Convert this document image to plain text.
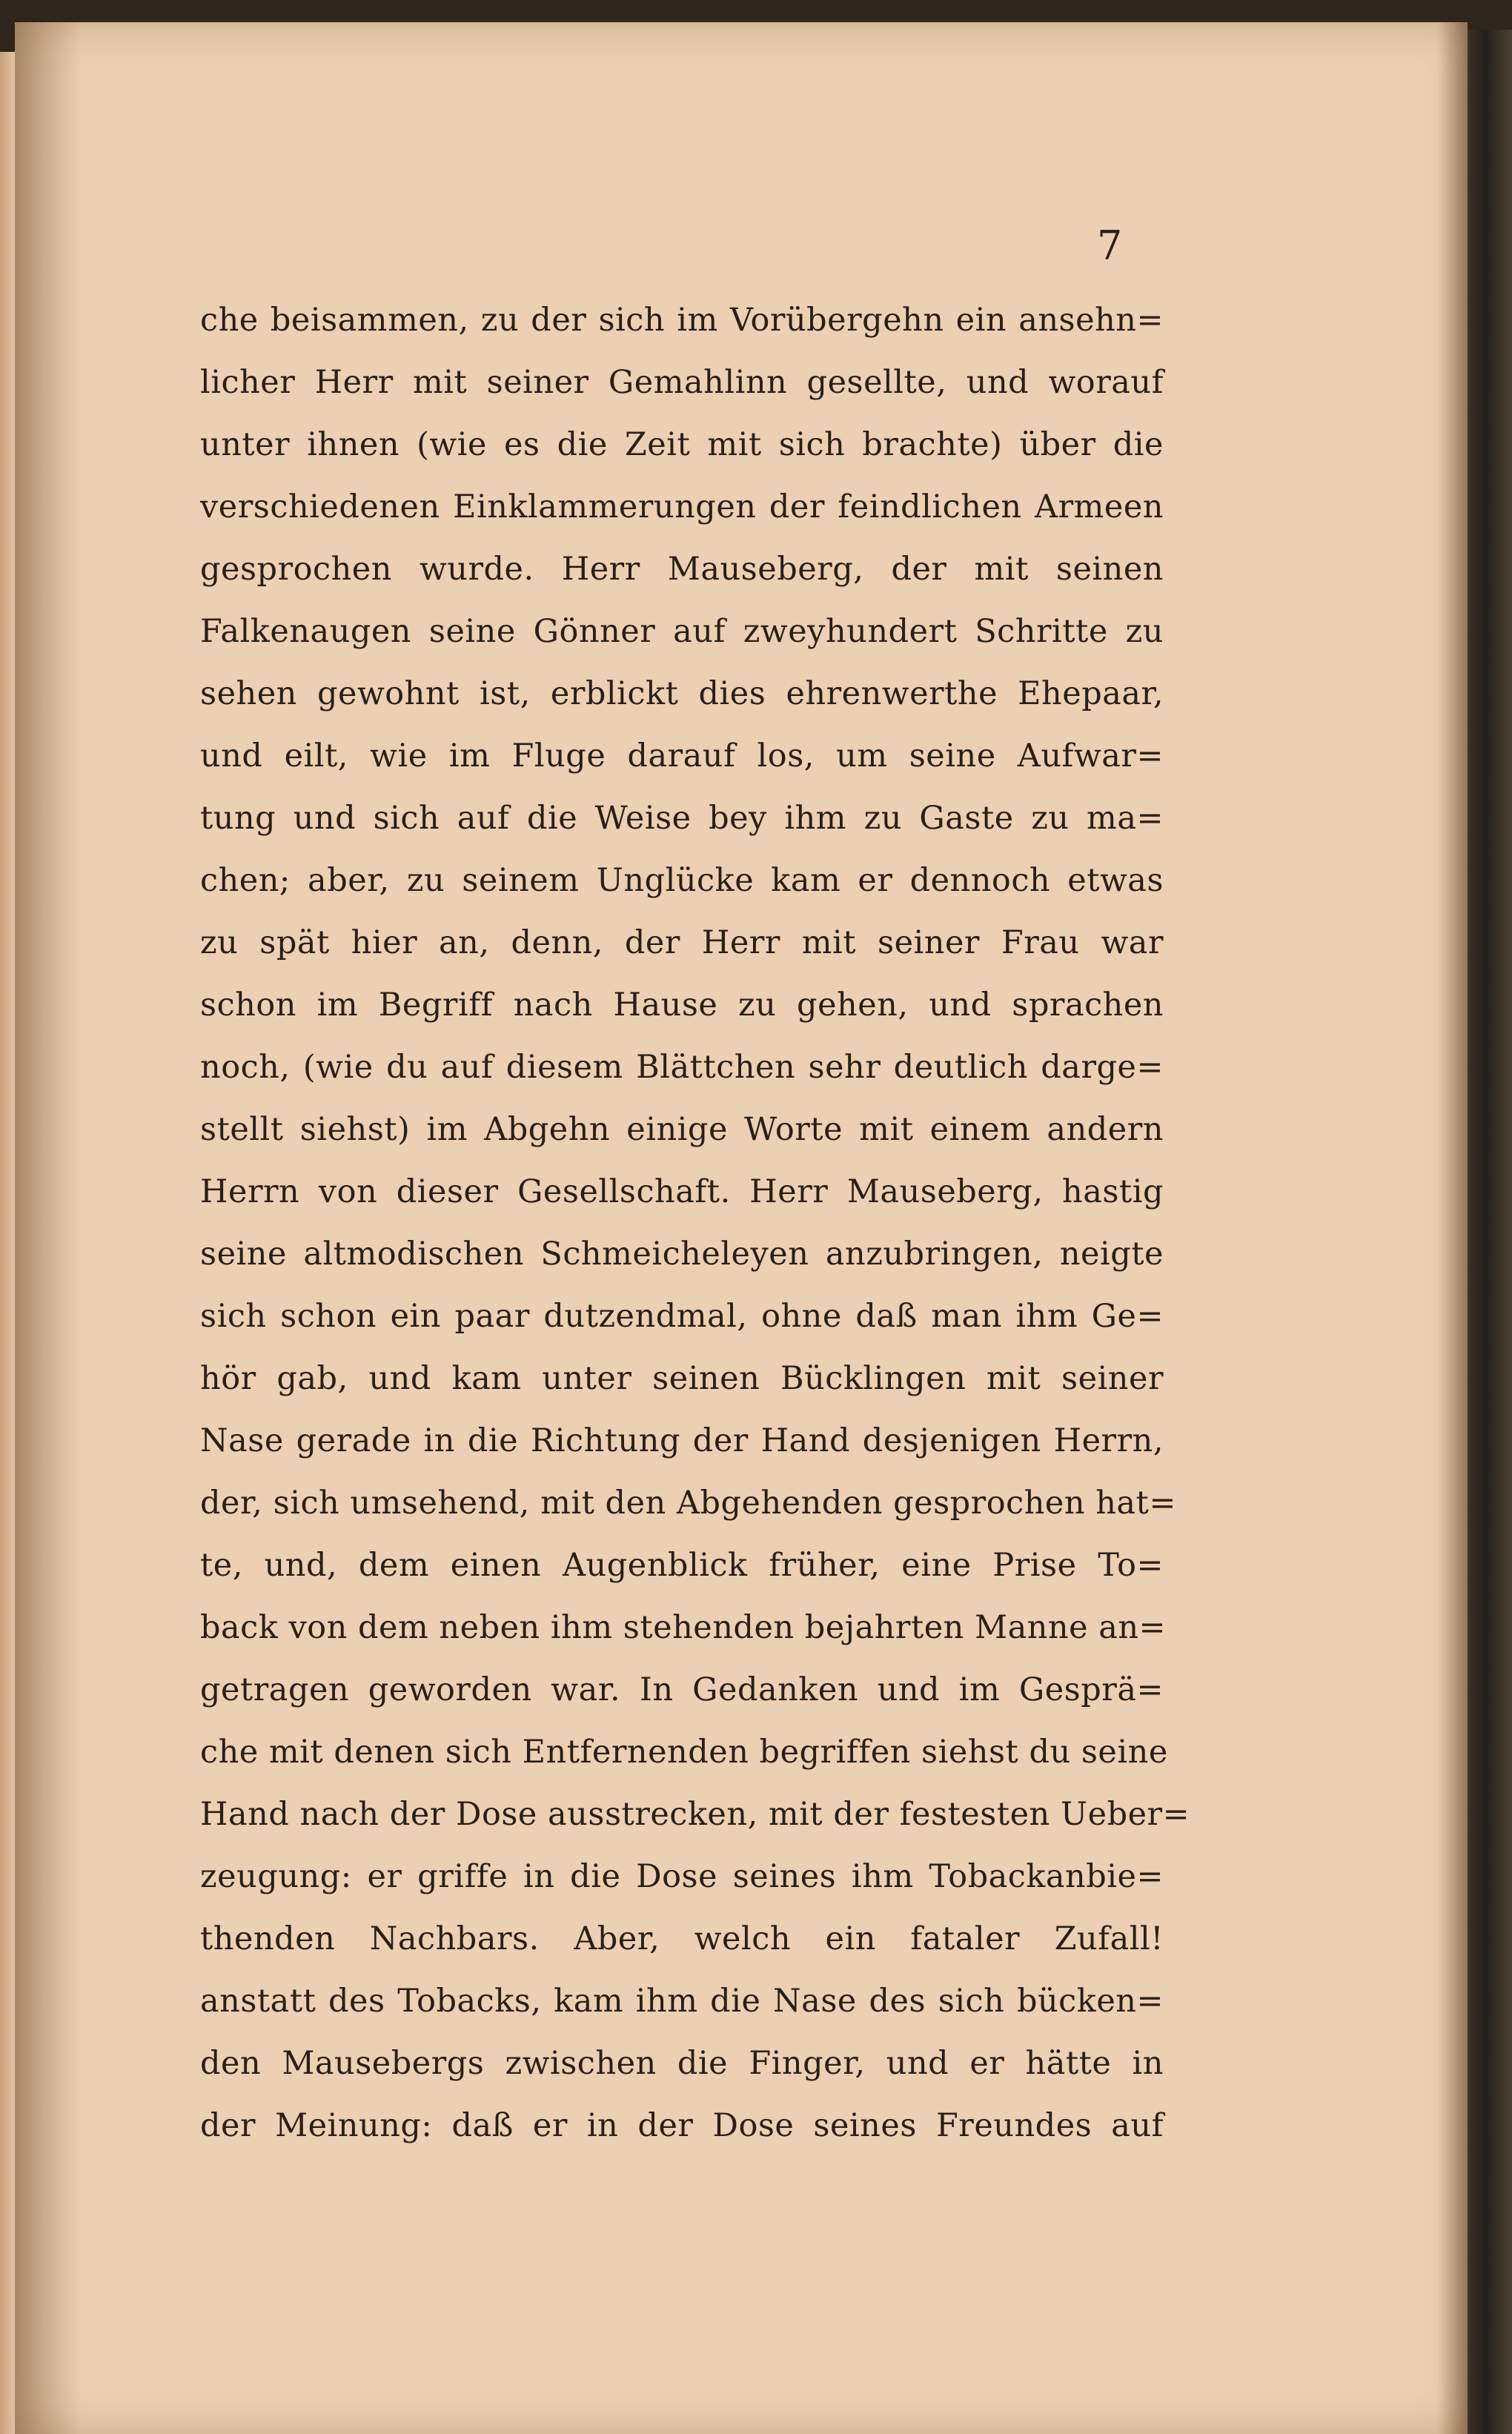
7
che beisammen, zu der sich im Vorübergehn ein ansehn=
licher Herr mit seiner Gemahlinn gesellte, und worauf
unter ihnen (wie es die Zeit mit sich brachte) über die
verschiedenen Einklammerungen der feindlichen Armeen
gesprochen wurde. Herr Mauseberg, der mit seinen
Falkenaugen seine Gönner auf zweyhundert Schritte zu
sehen gewohnt ist, erblickt dies ehrenwerthe Ehepaar,
und eilt, wie im Fluge darauf los, um seine Aufwar=
tung und sich auf die Weise bey ihm zu Gaste zu ma=
chen; aber, zu seinem Unglücke kam er dennoch etwas
zu spät hier an, denn, der Herr mit seiner Frau war
schon im Begriff nach Hause zu gehen, und sprachen
noch, (wie du auf diesem Blättchen sehr deutlich darge=
stellt siehst) im Abgehn einige Worte mit einem andern
Herrn von dieser Gesellschaft. Herr Mauseberg, hastig
seine altmodischen Schmeicheleyen anzubringen, neigte
sich schon ein paar dutzendmal, ohne daß man ihm Ge=
hör gab, und kam unter seinen Bücklingen mit seiner
Nase gerade in die Richtung der Hand desjenigen Herrn,
der, sich umsehend, mit den Abgehenden gesprochen hat=
te, und, dem einen Augenblick früher, eine Prise To=
back von dem neben ihm stehenden bejahrten Manne an=
getragen geworden war. In Gedanken und im Gesprä=
che mit denen sich Entfernenden begriffen siehst du seine
Hand nach der Dose ausstrecken, mit der festesten Ueber=
zeugung: er griffe in die Dose seines ihm Tobackanbie=
thenden Nachbars. Aber, welch ein fataler Zufall!
anstatt des Tobacks, kam ihm die Nase des sich bücken=
den Mausebergs zwischen die Finger, und er hätte in
der Meinung: daß er in der Dose seines Freundes auf
